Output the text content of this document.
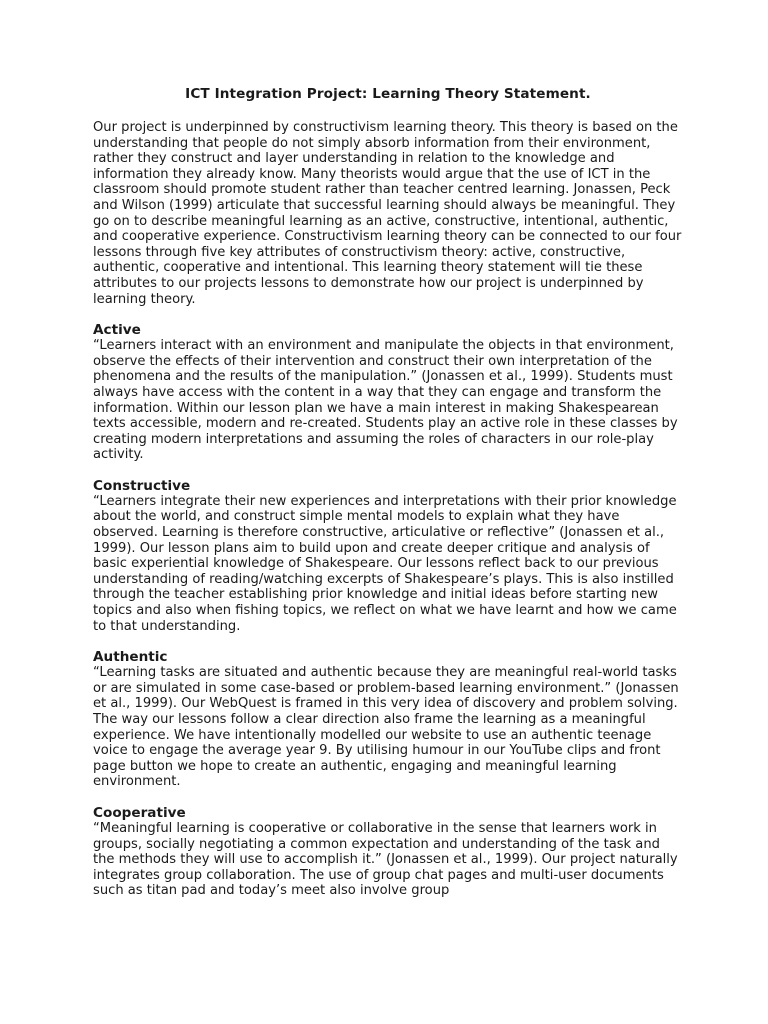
ICT Integration Project: Learning Theory Statement.

Our project is underpinned by constructivism learning theory. This theory is based on the understanding that people do not simply absorb information from their environment, rather they construct and layer understanding in relation to the knowledge and information they already know. Many theorists would argue that the use of ICT in the classroom should promote student rather than teacher centred learning. Jonassen, Peck and Wilson (1999) articulate that successful learning should always be meaningful. They go on to describe meaningful learning as an active, constructive, intentional, authentic, and cooperative experience. Constructivism learning theory can be connected to our four lessons through five key attributes of constructivism theory: active, constructive, authentic, cooperative and intentional. This learning theory statement will tie these attributes to our projects lessons to demonstrate how our project is underpinned by learning theory.

Active

“Learners interact with an environment and manipulate the objects in that environment, observe the effects of their intervention and construct their own interpretation of the phenomena and the results of the manipulation.” (Jonassen et al., 1999). Students must always have access with the content in a way that they can engage and transform the information. Within our lesson plan we have a main interest in making Shakespearean texts accessible, modern and re-created. Students play an active role in these classes by creating modern interpretations and assuming the roles of characters in our role-play activity.

Constructive

“Learners integrate their new experiences and interpretations with their prior knowledge about the world, and construct simple mental models to explain what they have observed. Learning is therefore constructive, articulative or reflective” (Jonassen et al., 1999). Our lesson plans aim to build upon and create deeper critique and analysis of basic experiential knowledge of Shakespeare. Our lessons reflect back to our previous understanding of reading/watching excerpts of Shakespeare’s plays. This is also instilled through the teacher establishing prior knowledge and initial ideas before starting new topics and also when fishing topics, we reflect on what we have learnt and how we came to that understanding.

Authentic

“Learning tasks are situated and authentic because they are meaningful real-world tasks or are simulated in some case-based or problem-based learning environment.” (Jonassen et al., 1999). Our WebQuest is framed in this very idea of discovery and problem solving. The way our lessons follow a clear direction also frame the learning as a meaningful experience. We have intentionally modelled our website to use an authentic teenage voice to engage the average year 9. By utilising humour in our YouTube clips and front page button we hope to create an authentic, engaging and meaningful learning environment.

Cooperative

“Meaningful learning is cooperative or collaborative in the sense that learners work in groups, socially negotiating a common expectation and understanding of the task and the methods they will use to accomplish it.” (Jonassen et al., 1999). Our project naturally integrates group collaboration. The use of group chat pages and multi-user documents such as titan pad and today’s meet also involve group
